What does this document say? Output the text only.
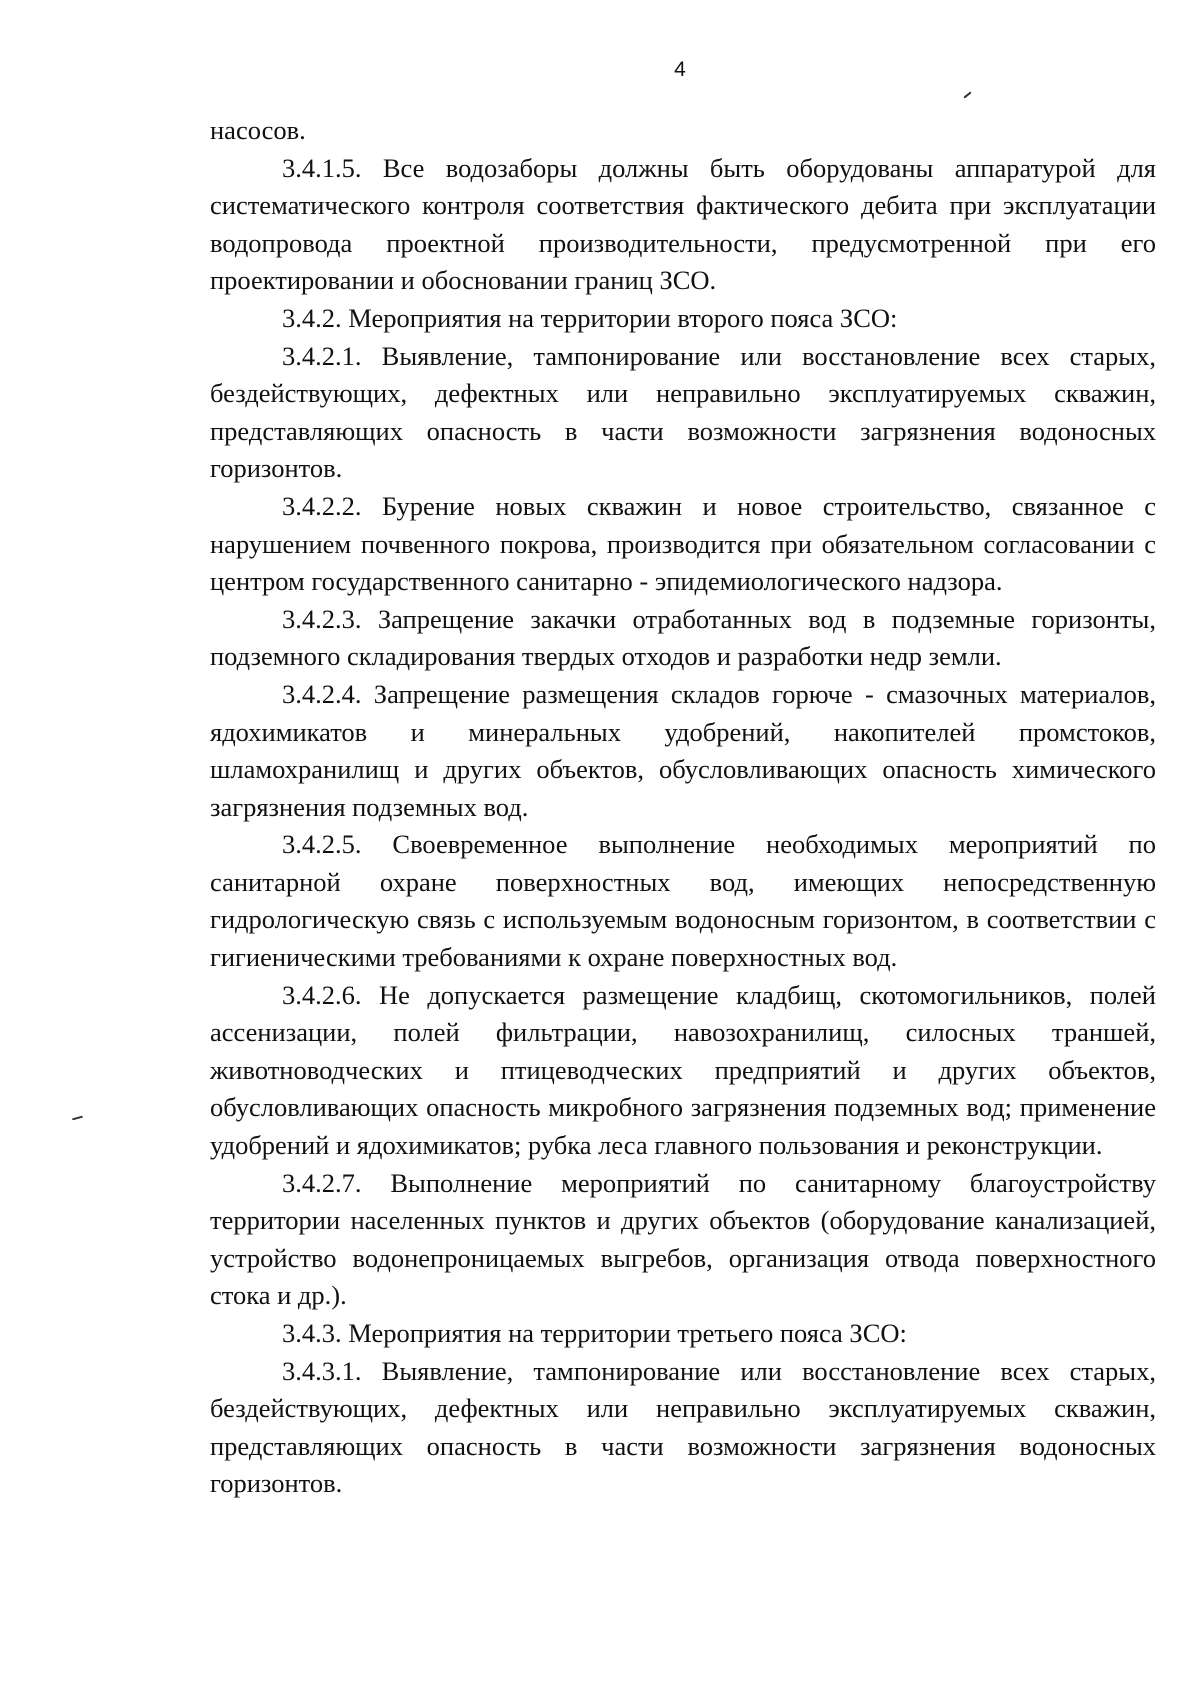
4

насосов.

3.4.1.5. Все водозаборы должны быть оборудованы аппаратурой для систематического контроля соответствия фактического дебита при эксплуатации водопровода проектной производительности, предусмотренной при его проектировании и обосновании границ ЗСО.

3.4.2. Мероприятия на территории второго пояса ЗСО:

3.4.2.1. Выявление, тампонирование или восстановление всех старых, бездействующих, дефектных или неправильно эксплуатируемых скважин, представляющих опасность в части возможности загрязнения водоносных горизонтов.

3.4.2.2. Бурение новых скважин и новое строительство, связанное с нарушением почвенного покрова, производится при обязательном согласовании с центром государственного санитарно - эпидемиологического надзора.

3.4.2.3. Запрещение закачки отработанных вод в подземные горизонты, подземного складирования твердых отходов и разработки недр земли.

3.4.2.4. Запрещение размещения складов горюче - смазочных материалов, ядохимикатов и минеральных удобрений, накопителей промстоков, шламохранилищ и других объектов, обусловливающих опасность химического загрязнения подземных вод.

3.4.2.5. Своевременное выполнение необходимых мероприятий по санитарной охране поверхностных вод, имеющих непосредственную гидрологическую связь с используемым водоносным горизонтом, в соответствии с гигиеническими требованиями к охране поверхностных вод.

3.4.2.6. Не допускается размещение кладбищ, скотомогильников, полей ассенизации, полей фильтрации, навозохранилищ, силосных траншей, животноводческих и птицеводческих предприятий и других объектов, обусловливающих опасность микробного загрязнения подземных вод; применение удобрений и ядохимикатов; рубка леса главного пользования и реконструкции.

3.4.2.7. Выполнение мероприятий по санитарному благоустройству территории населенных пунктов и других объектов (оборудование канализацией, устройство водонепроницаемых выгребов, организация отвода поверхностного стока и др.).

3.4.3. Мероприятия на территории третьего пояса ЗСО:

3.4.3.1. Выявление, тампонирование или восстановление всех старых, бездействующих, дефектных или неправильно эксплуатируемых скважин, представляющих опасность в части возможности загрязнения водоносных горизонтов.
